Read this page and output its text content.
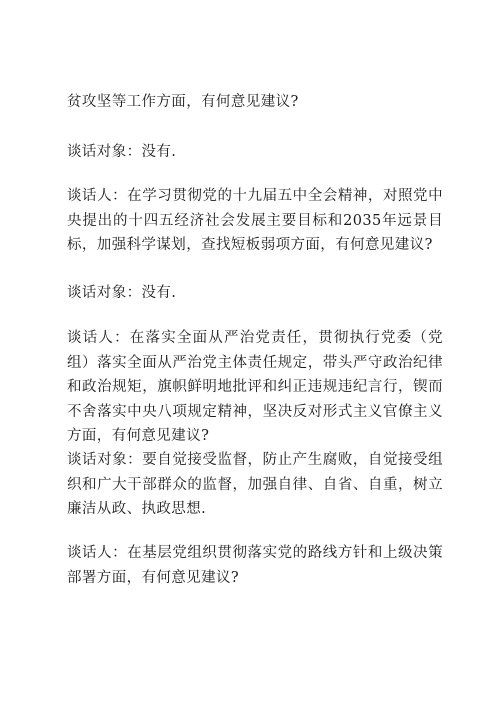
贫攻坚等工作方面，有何意见建议?

谈话对象：没有.

谈话人：在学习贯彻党的十九届五中全会精神，对照党中央提出的十四五经济社会发展主要目标和2035年远景目标，加强科学谋划，查找短板弱项方面，有何意见建议?

谈话对象：没有.

谈话人：在落实全面从严治党责任，贯彻执行党委（党组）落实全面从严治党主体责任规定，带头严守政治纪律和政治规矩，旗帜鲜明地批评和纠正违规违纪言行，锲而不舍落实中央八项规定精神，坚决反对形式主义官僚主义方面，有何意见建议?

谈话对象：要自觉接受监督，防止产生腐败，自觉接受组织和广大干部群众的监督，加强自律、自省、自重，树立廉洁从政、执政思想.

谈话人：在基层党组织贯彻落实党的路线方针和上级决策部署方面，有何意见建议?
